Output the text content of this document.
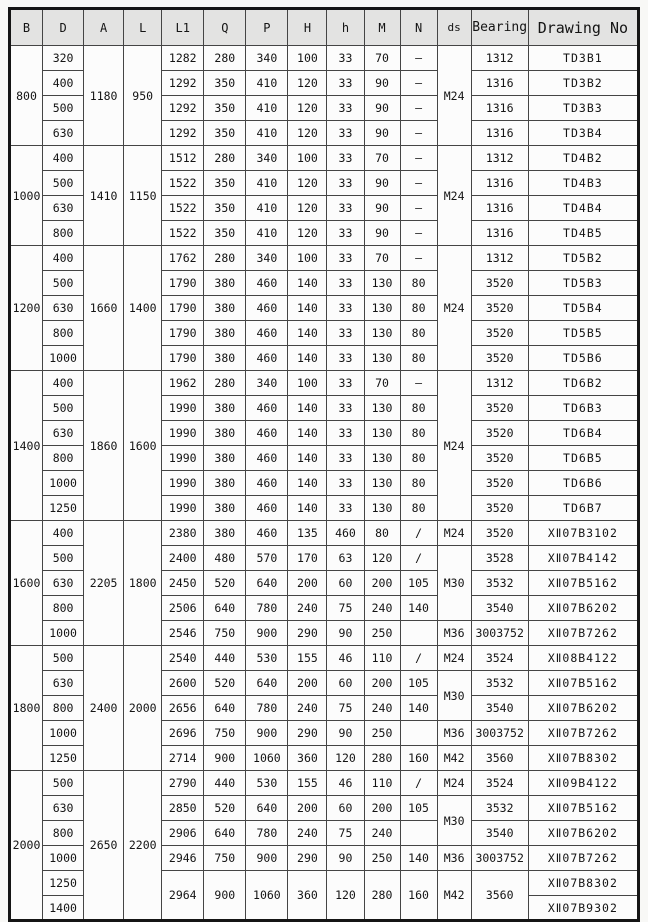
B	D	A	L	L1	Q	P	H	h	M	N	ds	Bearing	Drawing No
800	320	1180	950	1282	280	340	100	33	70	–	M24	1312	TD3B1
	400			1292	350	410	120	33	90	–		1316	TD3B2
	500			1292	350	410	120	33	90	–		1316	TD3B3
	630			1292	350	410	120	33	90	–		1316	TD3B4
1000	400	1410	1150	1512	280	340	100	33	70	–	M24	1312	TD4B2
	500			1522	350	410	120	33	90	–		1316	TD4B3
	630			1522	350	410	120	33	90	–		1316	TD4B4
	800			1522	350	410	120	33	90	–		1316	TD4B5
1200	400	1660	1400	1762	280	340	100	33	70	–	M24	1312	TD5B2
	500			1790	380	460	140	33	130	80		3520	TD5B3
	630			1790	380	460	140	33	130	80		3520	TD5B4
	800			1790	380	460	140	33	130	80		3520	TD5B5
	1000			1790	380	460	140	33	130	80		3520	TD5B6
1400	400	1860	1600	1962	280	340	100	33	70	–	M24	1312	TD6B2
	500			1990	380	460	140	33	130	80		3520	TD6B3
	630			1990	380	460	140	33	130	80		3520	TD6B4
	800			1990	380	460	140	33	130	80		3520	TD6B5
	1000			1990	380	460	140	33	130	80		3520	TD6B6
	1250			1990	380	460	140	33	130	80		3520	TD6B7
1600	400	2205	1800	2380	380	460	135	460	80	/	M24	3520	XⅡ07B3102
	500			2400	480	570	170	63	120	/	M30	3528	XⅡ07B4142
	630			2450	520	640	200	60	200	105		3532	XⅡ07B5162
	800			2506	640	780	240	75	240	140		3540	XⅡ07B6202
	1000			2546	750	900	290	90	250		M36	3003752	XⅡ07B7262
1800	500	2400	2000	2540	440	530	155	46	110	/	M24	3524	XⅡ08B4122
	630			2600	520	640	200	60	200	105	M30	3532	XⅡ07B5162
	800			2656	640	780	240	75	240	140		3540	XⅡ07B6202
	1000			2696	750	900	290	90	250		M36	3003752	XⅡ07B7262
	1250			2714	900	1060	360	120	280	160	M42	3560	XⅡ07B8302
2000	500	2650	2200	2790	440	530	155	46	110	/	M24	3524	XⅡ09B4122
	630			2850	520	640	200	60	200	105	M30	3532	XⅡ07B5162
	800			2906	640	780	240	75	240			3540	XⅡ07B6202
	1000			2946	750	900	290	90	250	140	M36	3003752	XⅡ07B7262
	1250			2964	900	1060	360	120	280	160	M42	3560	XⅡ07B8302
	1400												XⅡ07B9302
